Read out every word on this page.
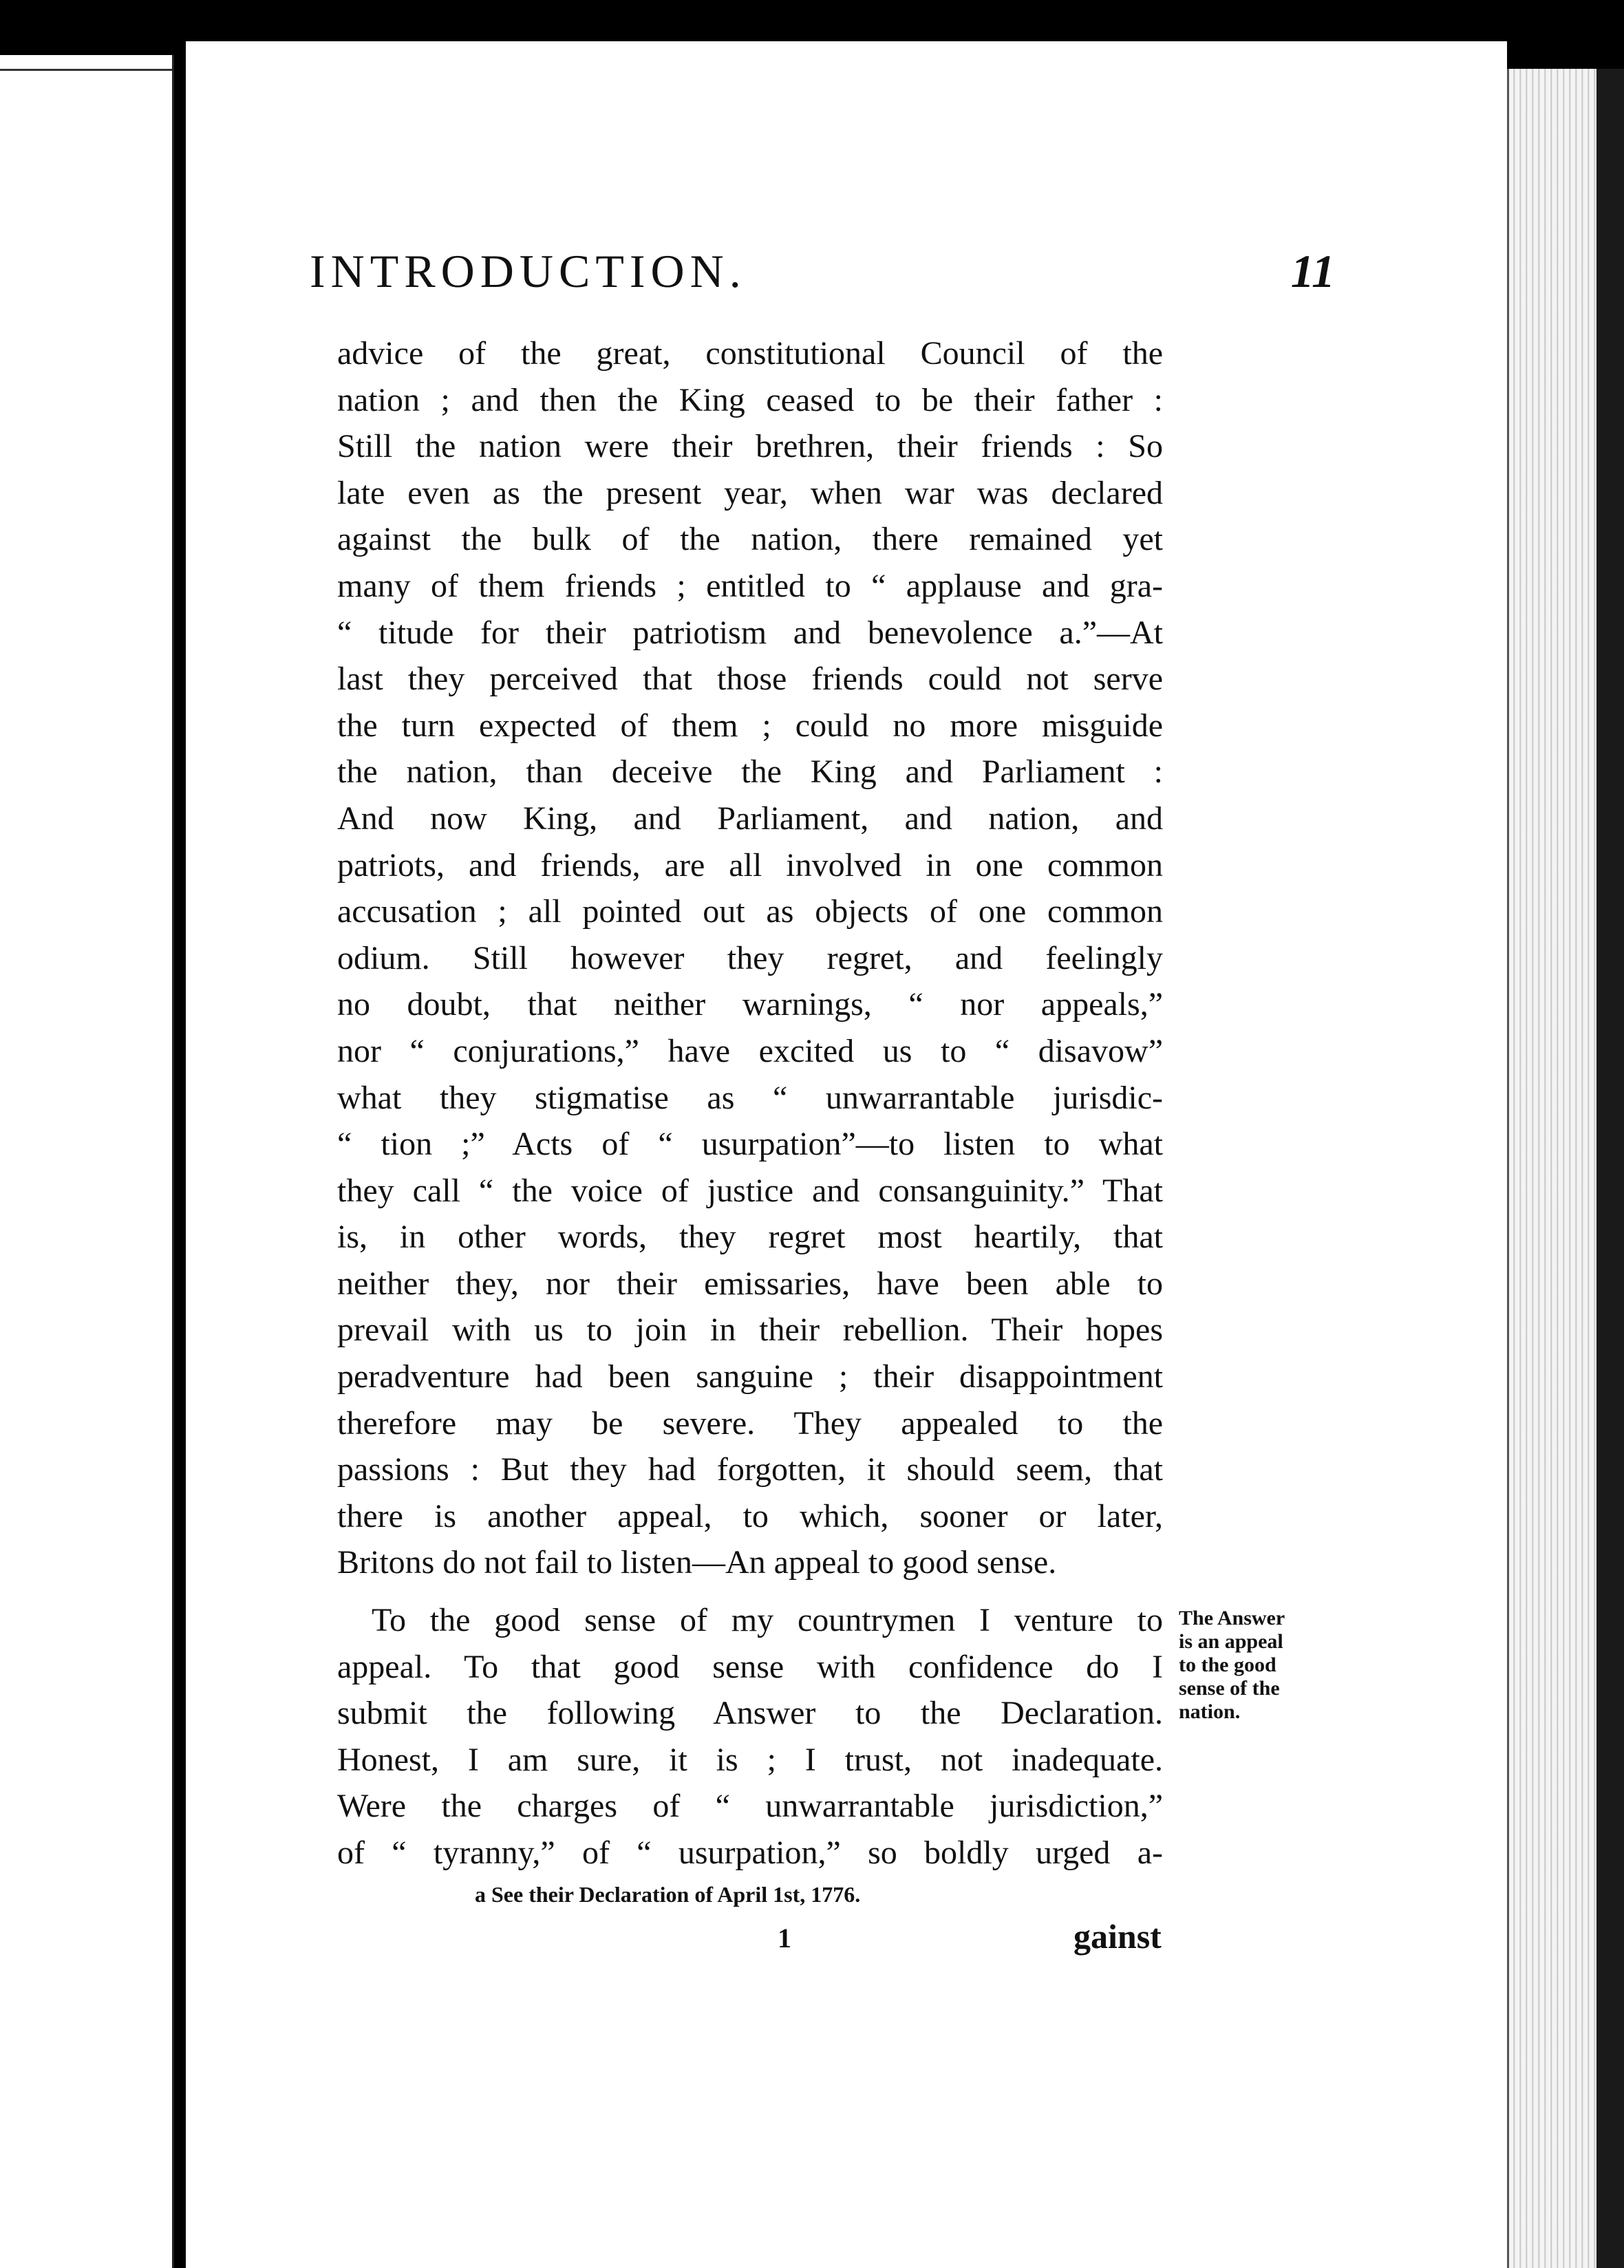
INTRODUCTION.	11
advice of the great, constitutional Council of the
nation ; and then the King ceased to be their father :
Still the nation were their brethren, their friends : So
late even as the present year, when war was declared
against the bulk of the nation, there remained yet
many of them friends ; entitled to “ applause and gra-
“ titude for their patriotism and benevolence a.”—At
last they perceived that those friends could not serve
the turn expected of them ; could no more misguide
the nation, than deceive the King and Parliament :
And now King, and Parliament, and nation, and
patriots, and friends, are all involved in one common
accusation ; all pointed out as objects of one common
odium. Still however they regret, and feelingly
no doubt, that neither warnings, “ nor appeals,”
nor “ conjurations,” have excited us to “ disavow”
what they stigmatise as “ unwarrantable jurisdic-
“ tion ;” Acts of “ usurpation”—to listen to what
they call “ the voice of justice and consanguinity.” That
is, in other words, they regret most heartily, that
neither they, nor their emissaries, have been able to
prevail with us to join in their rebellion. Their hopes
peradventure had been sanguine ; their disappointment
therefore may be severe. They appealed to the
passions : But they had forgotten, it should seem, that
there is another appeal, to which, sooner or later,
Britons do not fail to listen—An appeal to good sense.
To the good sense of my countrymen I venture to
appeal. To that good sense with confidence do I
submit the following Answer to the Declaration.
Honest, I am sure, it is ; I trust, not inadequate.
Were the charges of “ unwarrantable jurisdiction,”
of “ tyranny,” of “ usurpation,” so boldly urged a-
The Answer
is an appeal
to the good
sense of the
nation.
a See their Declaration of April 1st, 1776.
1	gainst
